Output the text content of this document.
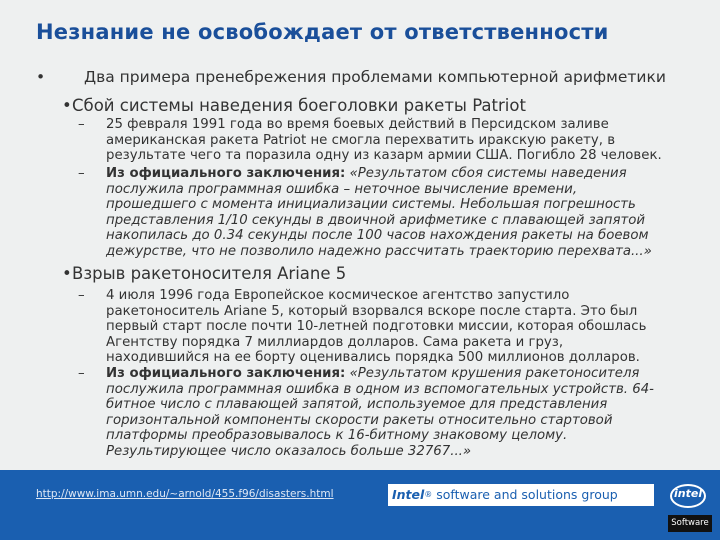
Незнание не освобождает от ответственности
•	Два примера пренебрежения проблемами компьютерной арифметики
•Сбой системы наведения боеголовки ракеты Patriot
– 25 февраля 1991 года во время боевых действий в Персидском заливе
американская ракета Patriot не смогла перехватить иракскую ракету, в
результате чего та поразила одну из казарм армии США. Погибло 28 человек.
– Из официального заключения: «Результатом сбоя системы наведения
послужила программная ошибка – неточное вычисление времени,
прошедшего с момента инициализации системы. Небольшая погрешность
представления 1/10 секунды в двоичной арифметике с плавающей запятой
накопилась до 0.34 секунды после 100 часов нахождения ракеты на боевом
дежурстве, что не позволило надежно рассчитать траекторию перехвата...»
•Взрыв ракетоносителя Ariane 5
– 4 июля 1996 года Европейское космическое агентство запустило
ракетоноситель Ariane 5, который взорвался вскоре после старта. Это был
первый старт после почти 10-летней подготовки миссии, которая обошлась
Агентству порядка 7 миллиардов долларов. Сама ракета и груз,
находившийся на ее борту оценивались порядка 500 миллионов долларов.
– Из официального заключения: «Результатом крушения ракетоносителя
послужила программная ошибка в одном из вспомогательных устройств. 64-
битное число с плавающей запятой, используемое для представления
горизонтальной компоненты скорости ракеты относительно стартовой
платформы преобразовывалось к 16-битному знаковому целому.
Результирующее число оказалось больше 32767...»
http://www.ima.umn.edu/~arnold/455.f96/disasters.html	Intel® software and solutions group	intel
Software
